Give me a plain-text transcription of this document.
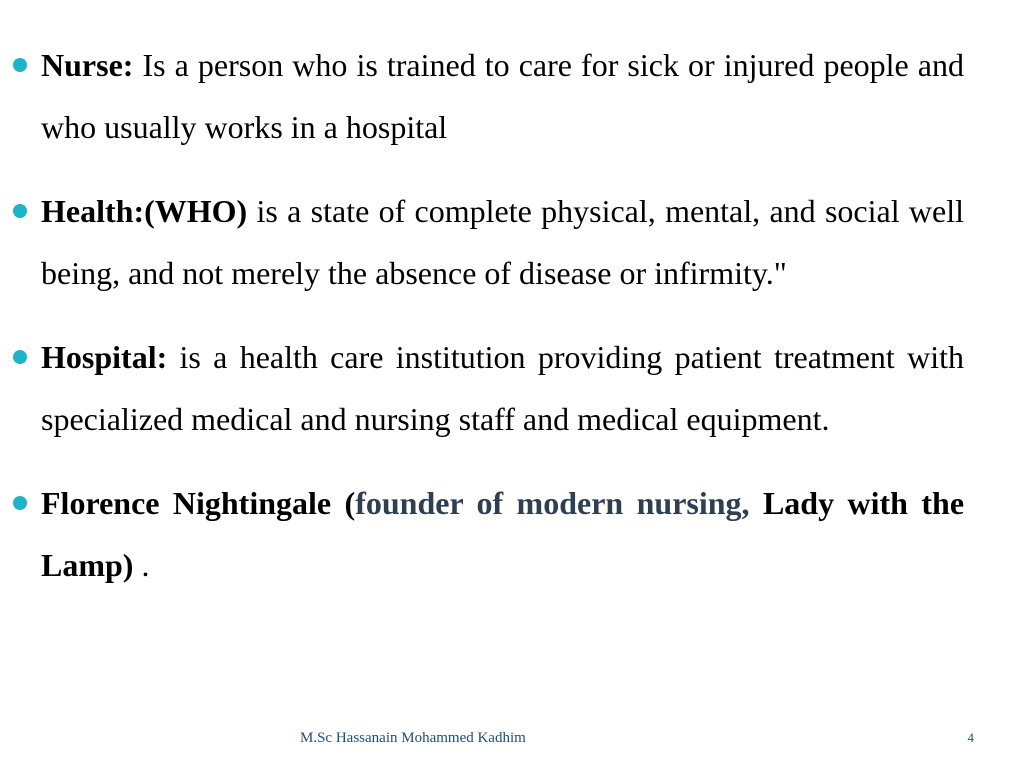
Nurse: Is a person who is trained to care for sick or injured people and who usually works in a hospital
Health:(WHO) is a state of complete physical, mental, and social well being, and not merely the absence of disease or infirmity."
Hospital: is a health care institution providing patient treatment with specialized medical and nursing staff and medical equipment.
Florence Nightingale (founder of modern nursing, Lady with the Lamp) .
M.Sc Hassanain Mohammed Kadhim	4
